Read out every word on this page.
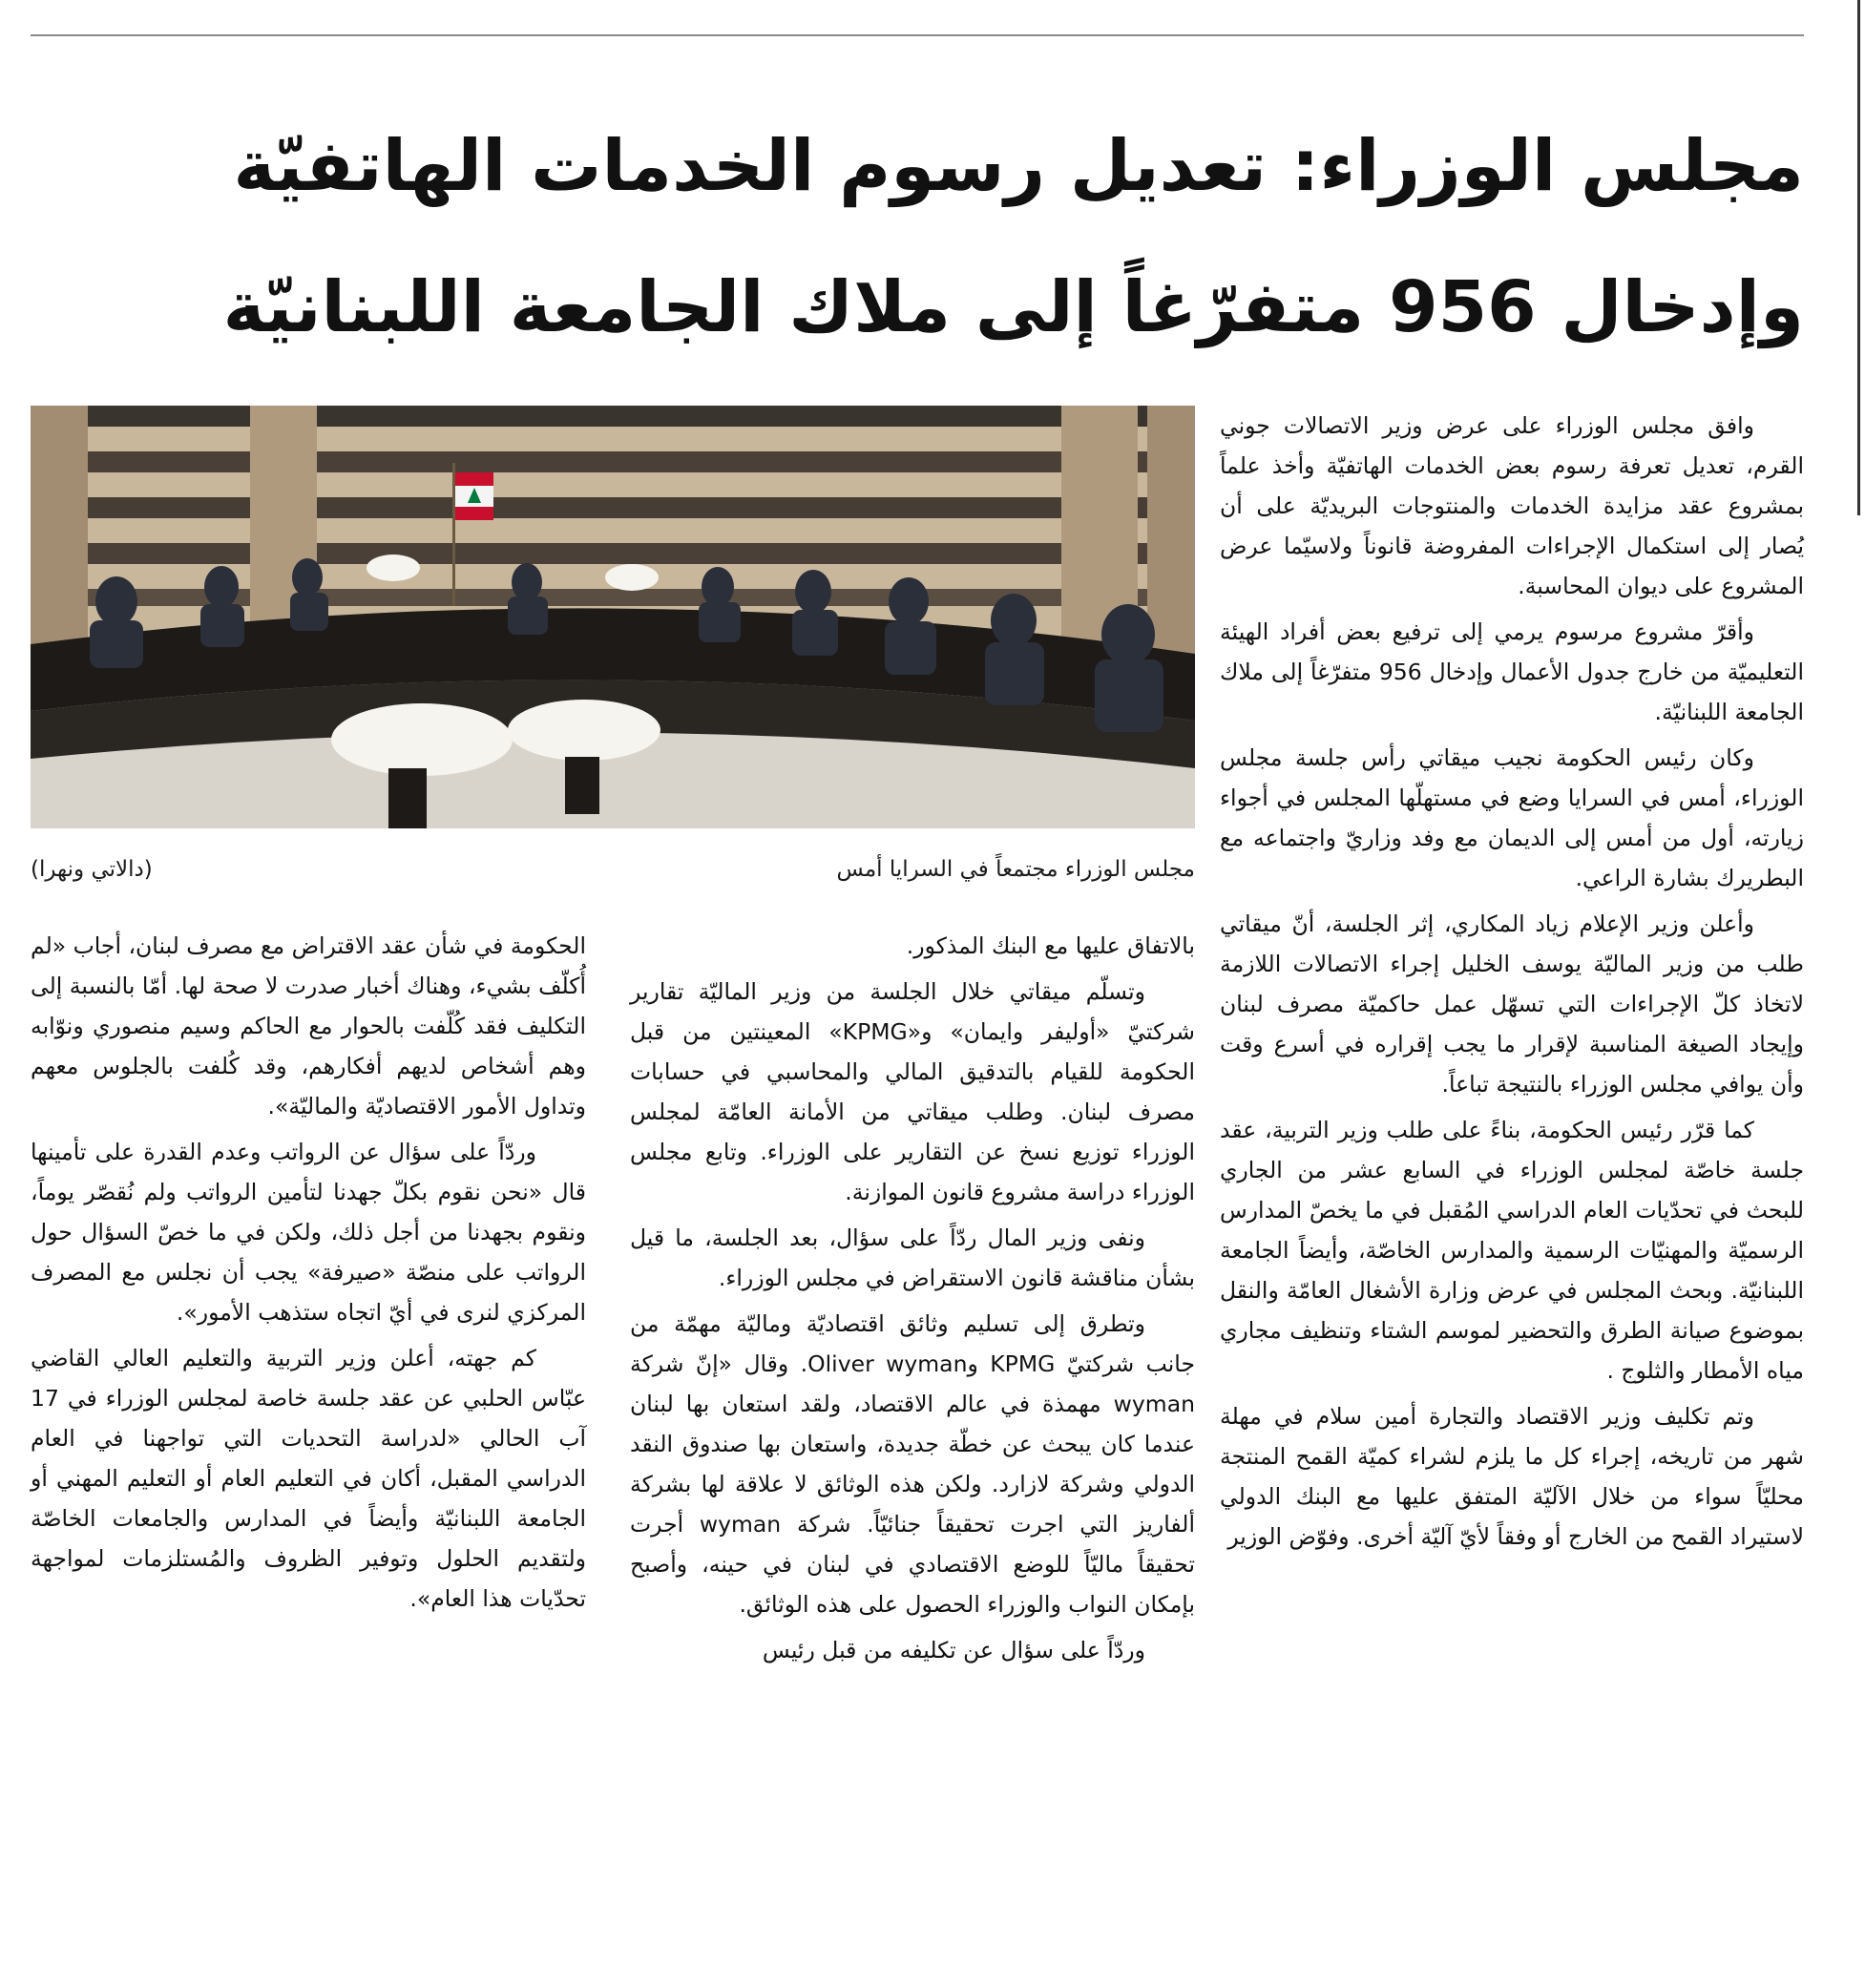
مجلس الوزراء: تعديل رسوم الخدمات الهاتفيّة
وإدخال 956 متفرّغاً إلى ملاك الجامعة اللبنانيّة
مجلس الوزراء مجتمعاً في السرايا أمس
(دالاتي ونهرا)

وافق مجلس الوزراء على عرض وزير الاتصالات جوني القرم، تعديل تعرفة رسوم بعض الخدمات الهاتفيّة وأخذ علماً بمشروع عقد مزايدة الخدمات والمنتوجات البريديّة على أن يُصار إلى استكمال الإجراءات المفروضة قانوناً ولاسيّما عرض المشروع على ديوان المحاسبة.

وأقرّ مشروع مرسوم يرمي إلى ترفيع بعض أفراد الهيئة التعليميّة من خارج جدول الأعمال وإدخال 956 متفرّغاً إلى ملاك الجامعة اللبنانيّة.

وكان رئيس الحكومة نجيب ميقاتي رأس جلسة مجلس الوزراء، أمس في السرايا وضع في مستهلّها المجلس في أجواء زيارته، أول من أمس إلى الديمان مع وفد وزاريّ واجتماعه مع البطريرك بشارة الراعي.

وأعلن وزير الإعلام زياد المكاري، إثر الجلسة، أنّ ميقاتي طلب من وزير الماليّة يوسف الخليل إجراء الاتصالات اللازمة لاتخاذ كلّ الإجراءات التي تسهّل عمل حاكميّة مصرف لبنان وإيجاد الصيغة المناسبة لإقرار ما يجب إقراره في أسرع وقت وأن يوافي مجلس الوزراء بالنتيجة تباعاً.

كما قرّر رئيس الحكومة، بناءً على طلب وزير التربية، عقد جلسة خاصّة لمجلس الوزراء في السابع عشر من الجاري للبحث في تحدّيات العام الدراسي المُقبل في ما يخصّ المدارس الرسميّة والمهنيّات الرسمية والمدارس الخاصّة، وأيضاً الجامعة اللبنانيّة. وبحث المجلس في عرض وزارة الأشغال العامّة والنقل بموضوع صيانة الطرق والتحضير لموسم الشتاء وتنظيف مجاري مياه الأمطار والثلوج .

وتم تكليف وزير الاقتصاد والتجارة أمين سلام في مهلة شهر من تاريخه، إجراء كل ما يلزم لشراء كميّة القمح المنتجة محليّاً سواء من خلال الآليّة المتفق عليها مع البنك الدولي لاستيراد القمح من الخارج أو وفقاً لأيّ آليّة أخرى. وفوّض الوزير

بالاتفاق عليها مع البنك المذكور.

وتسلّم ميقاتي خلال الجلسة من وزير الماليّة تقارير شركتيّ «أوليفر وايمان» و«KPMG» المعينتين من قبل الحكومة للقيام بالتدقيق المالي والمحاسبي في حسابات مصرف لبنان. وطلب ميقاتي من الأمانة العامّة لمجلس الوزراء توزيع نسخ عن التقارير على الوزراء. وتابع مجلس الوزراء دراسة مشروع قانون الموازنة.

ونفى وزير المال ردّاً على سؤال، بعد الجلسة، ما قيل بشأن مناقشة قانون الاستقراض في مجلس الوزراء.

وتطرق إلى تسليم وثائق اقتصاديّة وماليّة مهمّة من جانب شركتيّ KPMG وOliver wyman. وقال «إنّ شركة wyman مهمذة في عالم الاقتصاد، ولقد استعان بها لبنان عندما كان يبحث عن خطّة جديدة، واستعان بها صندوق النقد الدولي وشركة لازارد. ولكن هذه الوثائق لا علاقة لها بشركة ألفاريز التي اجرت تحقيقاً جنائيّاً. شركة wyman أجرت تحقيقاً ماليّاً للوضع الاقتصادي في لبنان في حينه، وأصبح بإمكان النواب والوزراء الحصول على هذه الوثائق.

وردّاً على سؤال عن تكليفه من قبل رئيس

الحكومة في شأن عقد الاقتراض مع مصرف لبنان، أجاب «لم أُكلّف بشيء، وهناك أخبار صدرت لا صحة لها. أمّا بالنسبة إلى التكليف فقد كُلّفت بالحوار مع الحاكم وسيم منصوري ونوّابه وهم أشخاص لديهم أفكارهم، وقد كُلفت بالجلوس معهم وتداول الأمور الاقتصاديّة والماليّة».

وردّاً على سؤال عن الرواتب وعدم القدرة على تأمينها قال «نحن نقوم بكلّ جهدنا لتأمين الرواتب ولم نُقصّر يوماً، ونقوم بجهدنا من أجل ذلك، ولكن في ما خصّ السؤال حول الرواتب على منصّة «صيرفة» يجب أن نجلس مع المصرف المركزي لنرى في أيّ اتجاه ستذهب الأمور».

كم جهته، أعلن وزير التربية والتعليم العالي القاضي عبّاس الحلبي عن عقد جلسة خاصة لمجلس الوزراء في 17 آب الحالي «لدراسة التحديات التي تواجهنا في العام الدراسي المقبل، أكان في التعليم العام أو التعليم المهني أو الجامعة اللبنانيّة وأيضاً في المدارس والجامعات الخاصّة ولتقديم الحلول وتوفير الظروف والمُستلزمات لمواجهة تحدّيات هذا العام».
